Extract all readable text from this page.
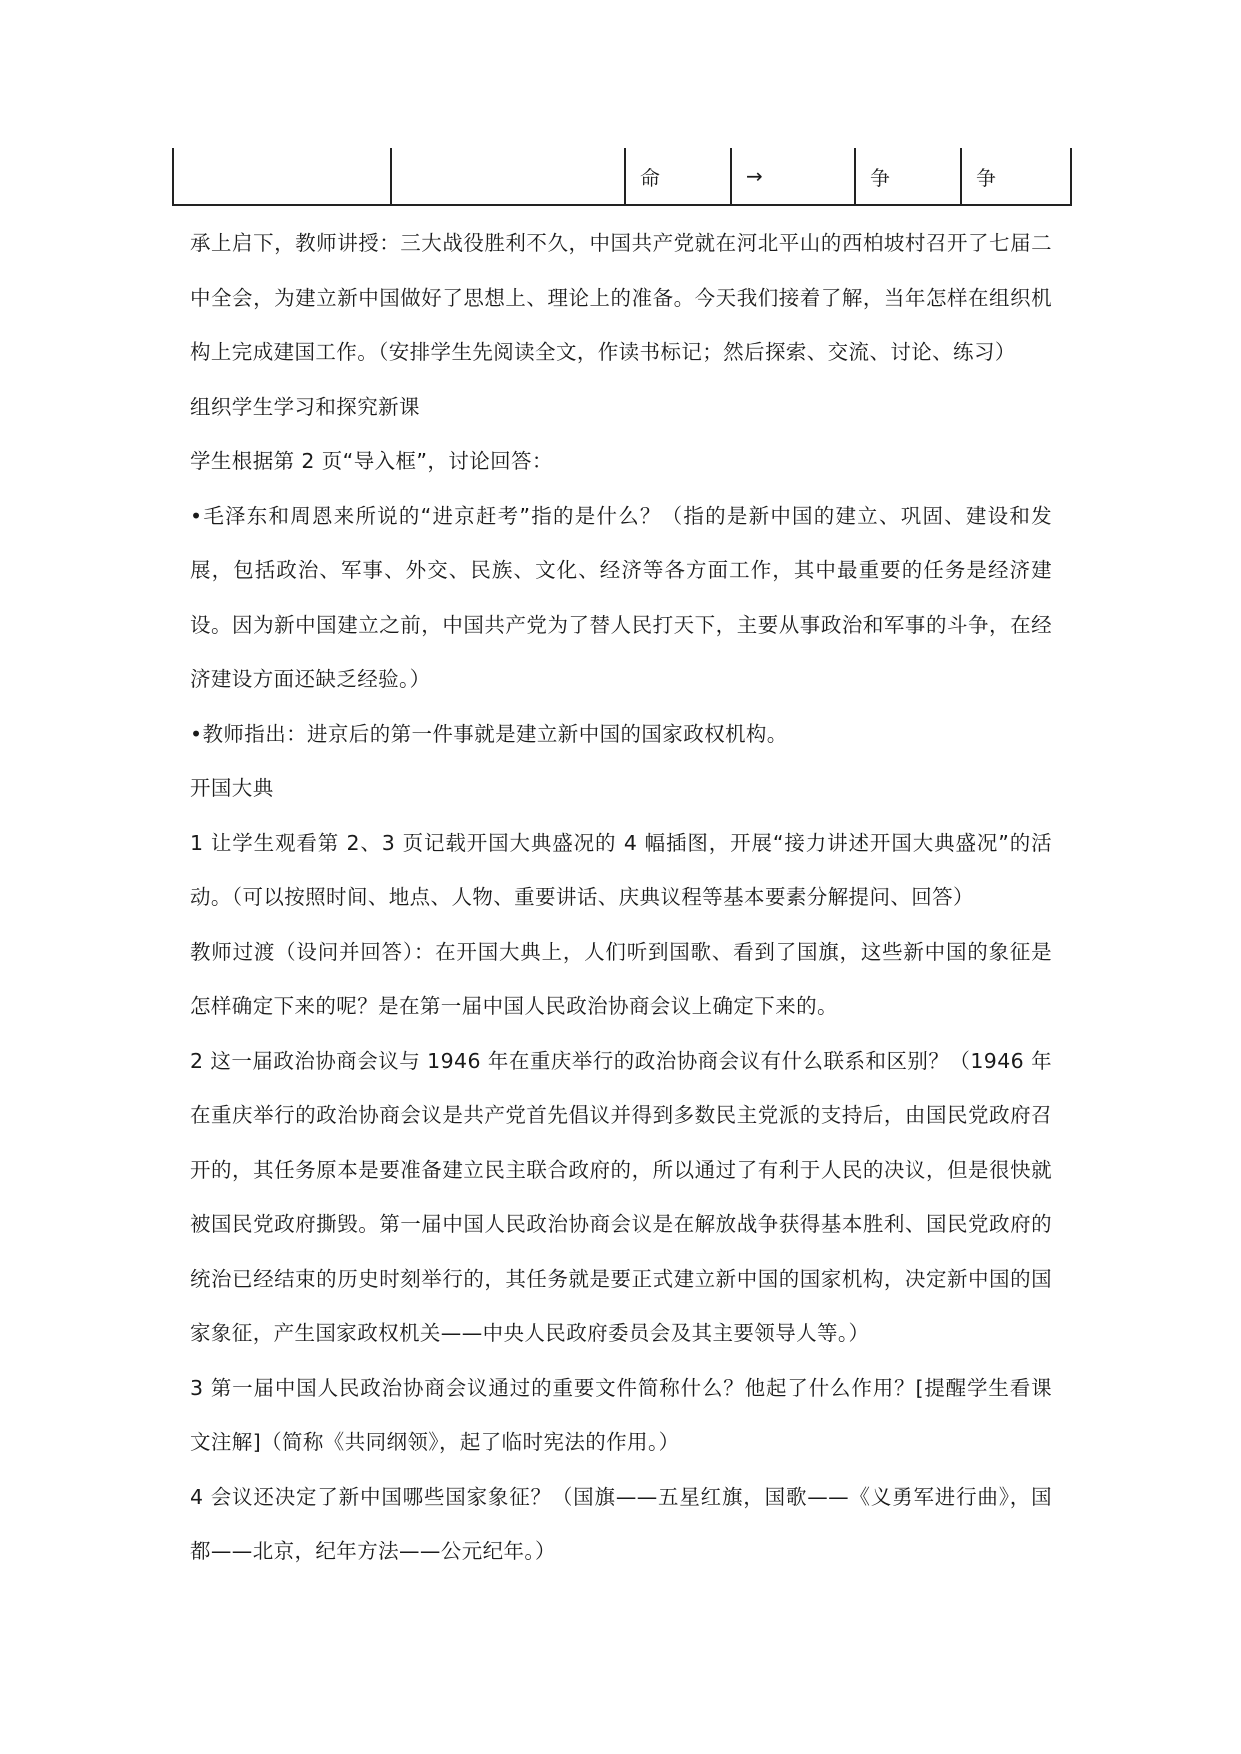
		命	→	争	争

承上启下，教师讲授：三大战役胜利不久，中国共产党就在河北平山的西柏坡村召开了七届二中全会，为建立新中国做好了思想上、理论上的准备。今天我们接着了解，当年怎样在组织机构上完成建国工作。（安排学生先阅读全文，作读书标记；然后探索、交流、讨论、练习）

组织学生学习和探究新课

学生根据第 2 页“导入框”，讨论回答：

•毛泽东和周恩来所说的“进京赶考”指的是什么？（指的是新中国的建立、巩固、建设和发展，包括政治、军事、外交、民族、文化、经济等各方面工作，其中最重要的任务是经济建设。因为新中国建立之前，中国共产党为了替人民打天下，主要从事政治和军事的斗争，在经济建设方面还缺乏经验。）

•教师指出：进京后的第一件事就是建立新中国的国家政权机构。

开国大典

1 让学生观看第 2、3 页记载开国大典盛况的 4 幅插图，开展“接力讲述开国大典盛况”的活动。（可以按照时间、地点、人物、重要讲话、庆典议程等基本要素分解提问、回答）

教师过渡（设问并回答）：在开国大典上，人们听到国歌、看到了国旗，这些新中国的象征是怎样确定下来的呢？是在第一届中国人民政治协商会议上确定下来的。

2 这一届政治协商会议与 1946 年在重庆举行的政治协商会议有什么联系和区别？（1946 年在重庆举行的政治协商会议是共产党首先倡议并得到多数民主党派的支持后，由国民党政府召开的，其任务原本是要准备建立民主联合政府的，所以通过了有利于人民的决议，但是很快就被国民党政府撕毁。第一届中国人民政治协商会议是在解放战争获得基本胜利、国民党政府的统治已经结束的历史时刻举行的，其任务就是要正式建立新中国的国家机构，决定新中国的国家象征，产生国家政权机关——中央人民政府委员会及其主要领导人等。）

3 第一届中国人民政治协商会议通过的重要文件简称什么？他起了什么作用？[提醒学生看课文注解]（简称《共同纲领》，起了临时宪法的作用。）

4 会议还决定了新中国哪些国家象征？（国旗——五星红旗，国歌——《义勇军进行曲》，国都——北京，纪年方法——公元纪年。）
